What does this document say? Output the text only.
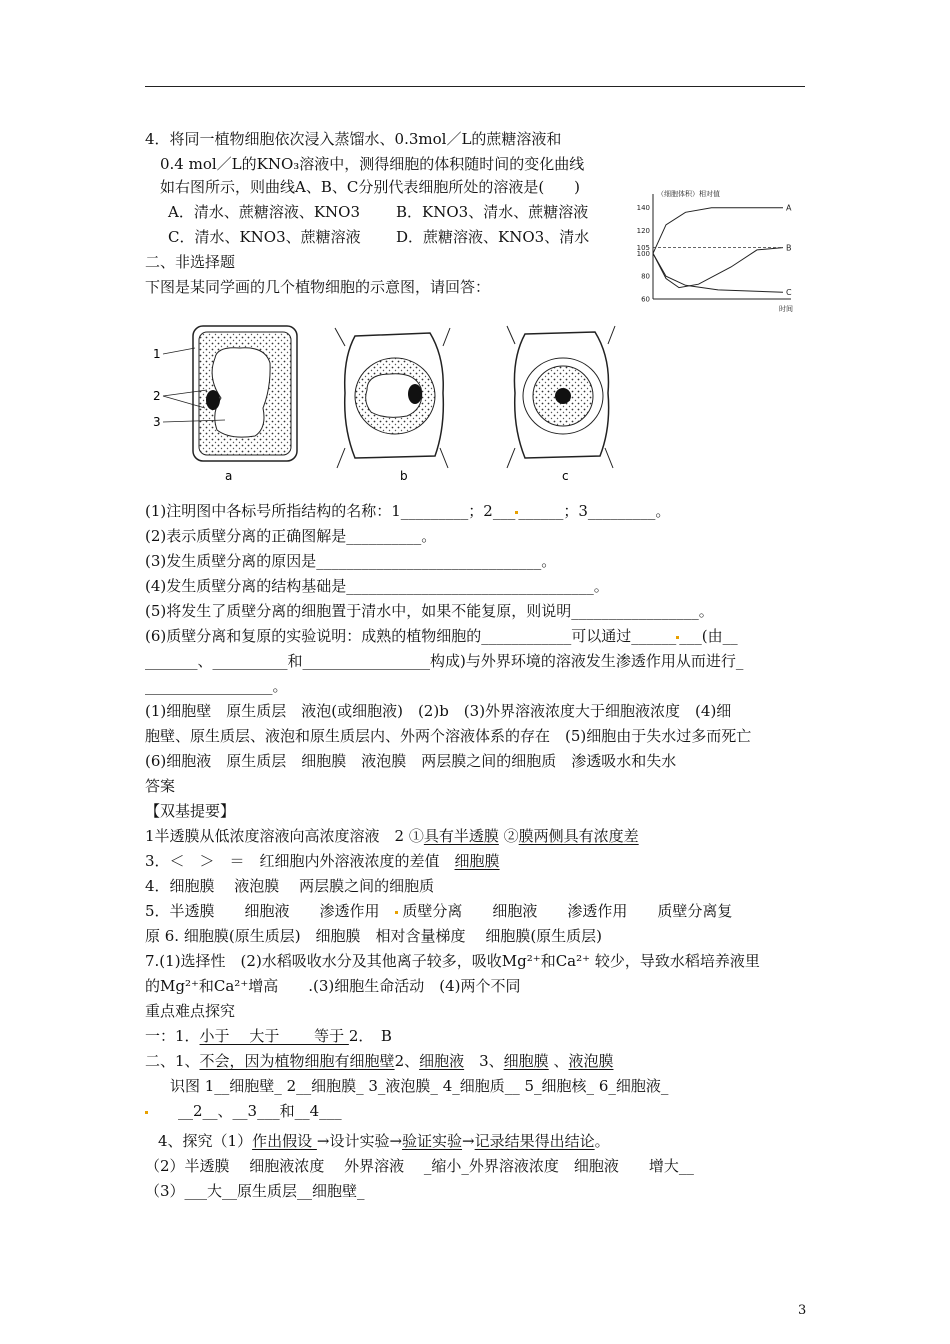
4．将同一植物细胞依次浸入蒸馏水、0.3mol／L的蔗糖溶液和
0.4 mol／L的KNO₃溶液中，测得细胞的体积随时间的变化曲线
如右图所示，则曲线A、B、C分别代表细胞所处的溶液是(　　)
A．清水、蔗糖溶液、KNO3 B．KNO3、清水、蔗糖溶液
C．清水、KNO3、蔗糖溶液 D．蔗糖溶液、KNO3、清水
（细胞体积）相对值
时间
60
80
100
105
120
140	A
B
C
二、非选择题
下图是某同学画的几个植物细胞的示意图，请回答：
1
2
3
a	b	c
(1)注明图中各标号所指结构的名称：1_________；2___ ______；3_________。
(2)表示质壁分离的正确图解是__________。
(3)发生质壁分离的原因是______________________________。
(4)发生质壁分离的结构基础是_________________________________。
(5)将发生了质壁分离的细胞置于清水中，如果不能复原，则说明_________________。
(6)质壁分离和复原的实验说明：成熟的植物细胞的____________可以通过______ ___(由__
_______、__________和_________________构成)与外界环境的溶液发生渗透作用从而进行_
_________________。
(1)细胞壁　原生质层　液泡(或细胞液)　(2)b　(3)外界溶液浓度大于细胞液浓度　(4)细
胞壁、原生质层、液泡和原生质层内、外两个溶液体系的存在　(5)细胞由于失水过多而死亡
(6)细胞液　原生质层　细胞膜　液泡膜　两层膜之间的细胞质　渗透吸水和失水
答案
【双基提要】
1半透膜从低浓度溶液向高浓度溶液　2 ①具有半透膜 ②膜两侧具有浓度差
3．＜　＞　＝　红细胞内外溶液浓度的差值　细胞膜
4．细胞膜　 液泡膜　 两层膜之间的细胞质
5．半透膜　　细胞液　　渗透作用　 质壁分离　　细胞液　　渗透作用　　质壁分离复
原 6. 细胞膜(原生质层)　细胞膜　相对含量梯度　 细胞膜(原生质层)
7.(1)选择性　(2)水稻吸收水分及其他离子较多，吸收Mg²⁺和Ca²⁺ 较少，导致水稻培养液里
的Mg²⁺和Ca²⁺增高　　.(3)细胞生命活动　(4)两个不同
重点难点探究
一：1．小于　 大于　　 等于 2．　B
二、1、不会，因为植物细胞有细胞壁2、细胞液　3、细胞膜 、液泡膜
识图 1__细胞壁_ 2__细胞膜_ 3_液泡膜_ 4_细胞质__ 5_细胞核_ 6_细胞液_
__2__、__3___和__4___
4、探究（1）作出假设 →设计实验→验证实验→记录结果得出结论。
（2）半透膜　 细胞液浓度　 外界溶液　 _缩小_外界溶液浓度　细胞液　　增大__
（3）___大__原生质层__细胞壁_
3
